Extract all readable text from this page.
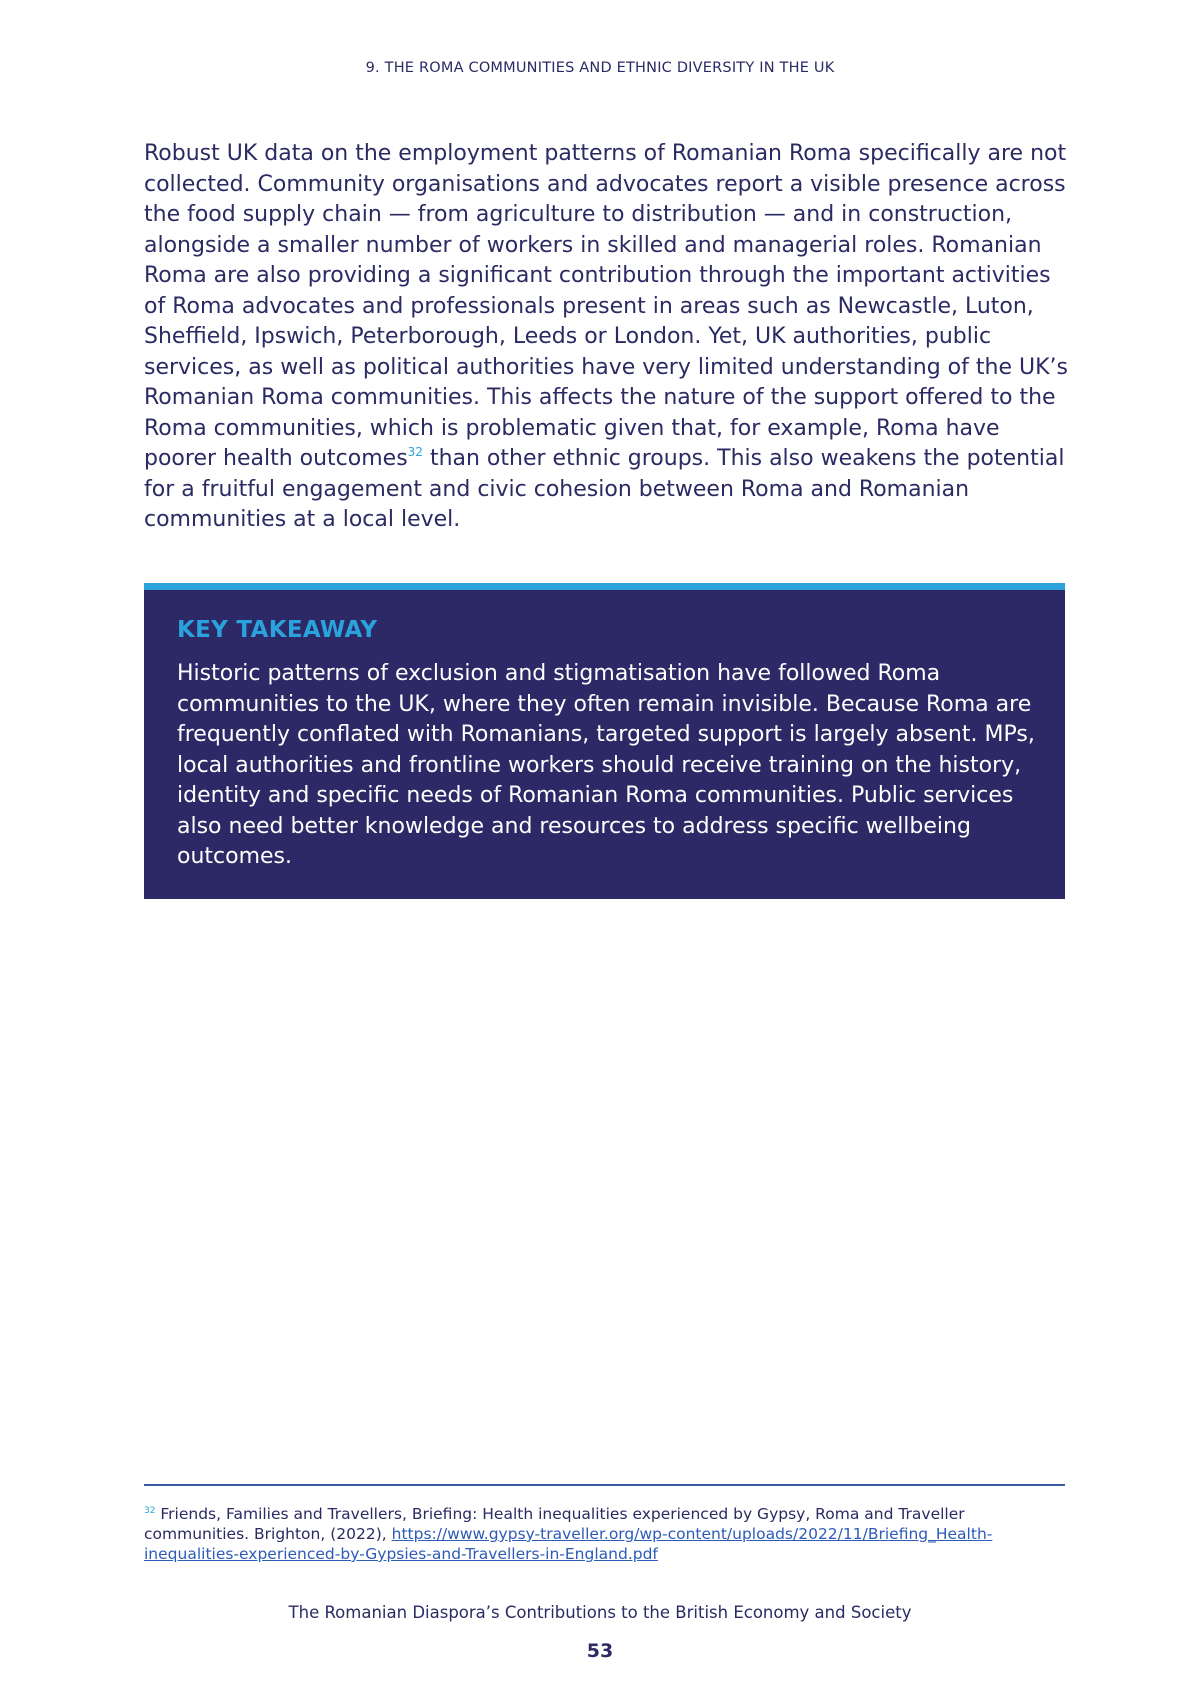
9. THE ROMA COMMUNITIES AND ETHNIC DIVERSITY IN THE UK

Robust UK data on the employment patterns of Romanian Roma specifically are not collected. Community organisations and advocates report a visible presence across the food supply chain — from agriculture to distribution — and in construction, alongside a smaller number of workers in skilled and managerial roles. Romanian Roma are also providing a significant contribution through the important activities of Roma advocates and professionals present in areas such as Newcastle, Luton, Sheffield, Ipswich, Peterborough, Leeds or London. Yet, UK authorities, public services, as well as political authorities have very limited understanding of the UK’s Romanian Roma communities. This affects the nature of the support offered to the Roma communities, which is problematic given that, for example, Roma have poorer health outcomes$^{32}$ than other ethnic groups. This also weakens the potential for a fruitful engagement and civic cohesion between Roma and Romanian communities at a local level.

KEY TAKEAWAY

Historic patterns of exclusion and stigmatisation have followed Roma communities to the UK, where they often remain invisible. Because Roma are frequently conflated with Romanians, targeted support is largely absent. MPs, local authorities and frontline workers should receive training on the history, identity and specific needs of Romanian Roma communities. Public services also need better knowledge and resources to address specific wellbeing outcomes.

$^{32}$ Friends, Families and Travellers, Briefing: Health inequalities experienced by Gypsy, Roma and Traveller communities. Brighton, (2022), https://www.gypsy-traveller.org/wp-content/uploads/2022/11/Briefing_Health-inequalities-experienced-by-Gypsies-and-Travellers-in-England.pdf

The Romanian Diaspora’s Contributions to the British Economy and Society
53
